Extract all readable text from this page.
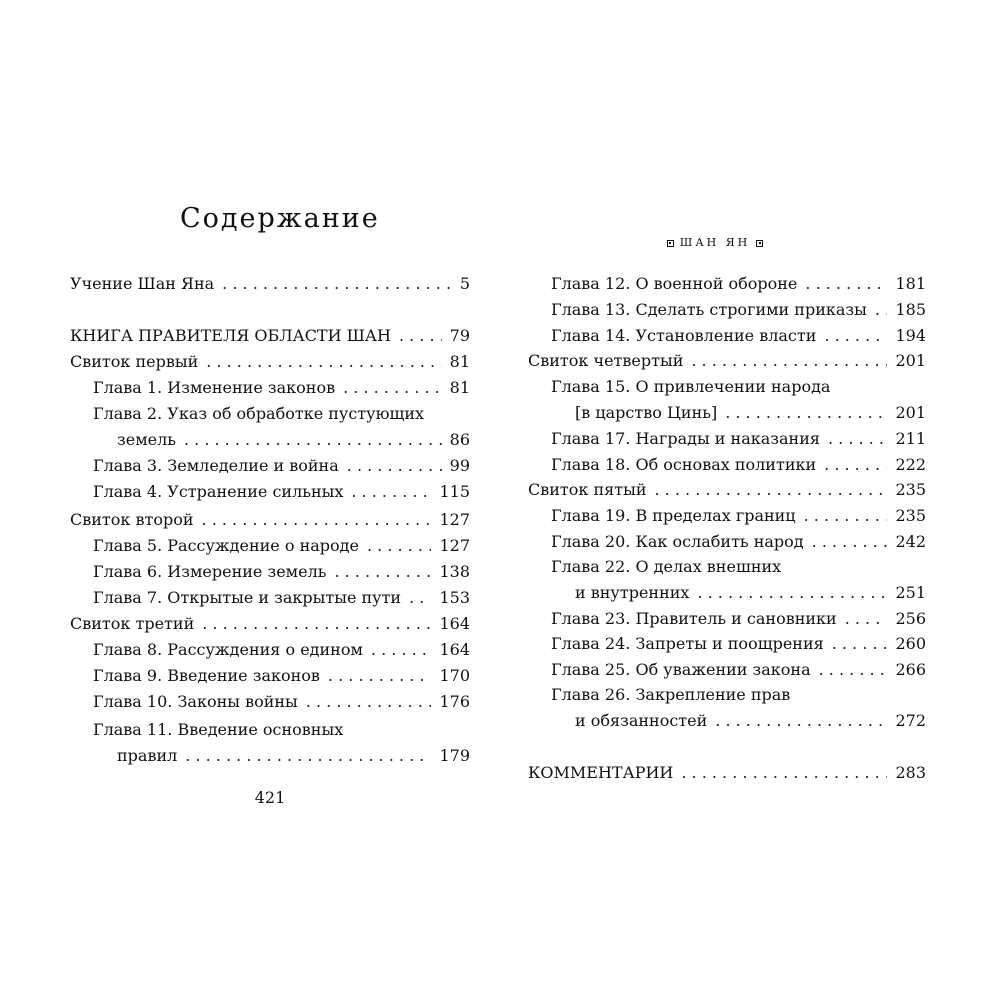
Содержание
ШАН ЯН
Учение Шан Яна . . .	5
КНИГА ПРАВИТЕЛЯ ОБЛАСТИ ШАН . . .	79
Свиток первый . . .	81
Глава 1. Изменение законов . . .	81
Глава 2. Указ об обработке пустующих
земель . . .	86
Глава 3. Земледелие и война . . .	99
Глава 4. Устранение сильных . . .	115
Свиток второй . . .	127
Глава 5. Рассуждение о народе . . .	127
Глава 6. Измерение земель . . .	138
Глава 7. Открытые и закрытые пути . . . 153
Свиток третий . . .	164
Глава 8. Рассуждения о едином . . .	164
Глава 9. Введение законов . . .	170
Глава 10. Законы войны . . .	176
Глава 11. Введение основных
правил . . .	179
Глава 12. О военной обороне . . .	181
Глава 13. Сделать строгими приказы . . . 185
Глава 14. Установление власти . . .	194
Свиток четвертый . . .	201
Глава 15. О привлечении народа
[в царство Цинь] . . .	201
Глава 17. Награды и наказания . . .	211
Глава 18. Об основах политики . . .	222
Свиток пятый . . .	235
Глава 19. В пределах границ . . .	235
Глава 20. Как ослабить народ . . .	242
Глава 22. О делах внешних
и внутренних . . .	251
Глава 23. Правитель и сановники . . .	256
Глава 24. Запреты и поощрения . . .	260
Глава 25. Об уважении закона . . .	266
Глава 26. Закрепление прав
и обязанностей . . .	272
КОММЕНТАРИИ . . .	283
421
